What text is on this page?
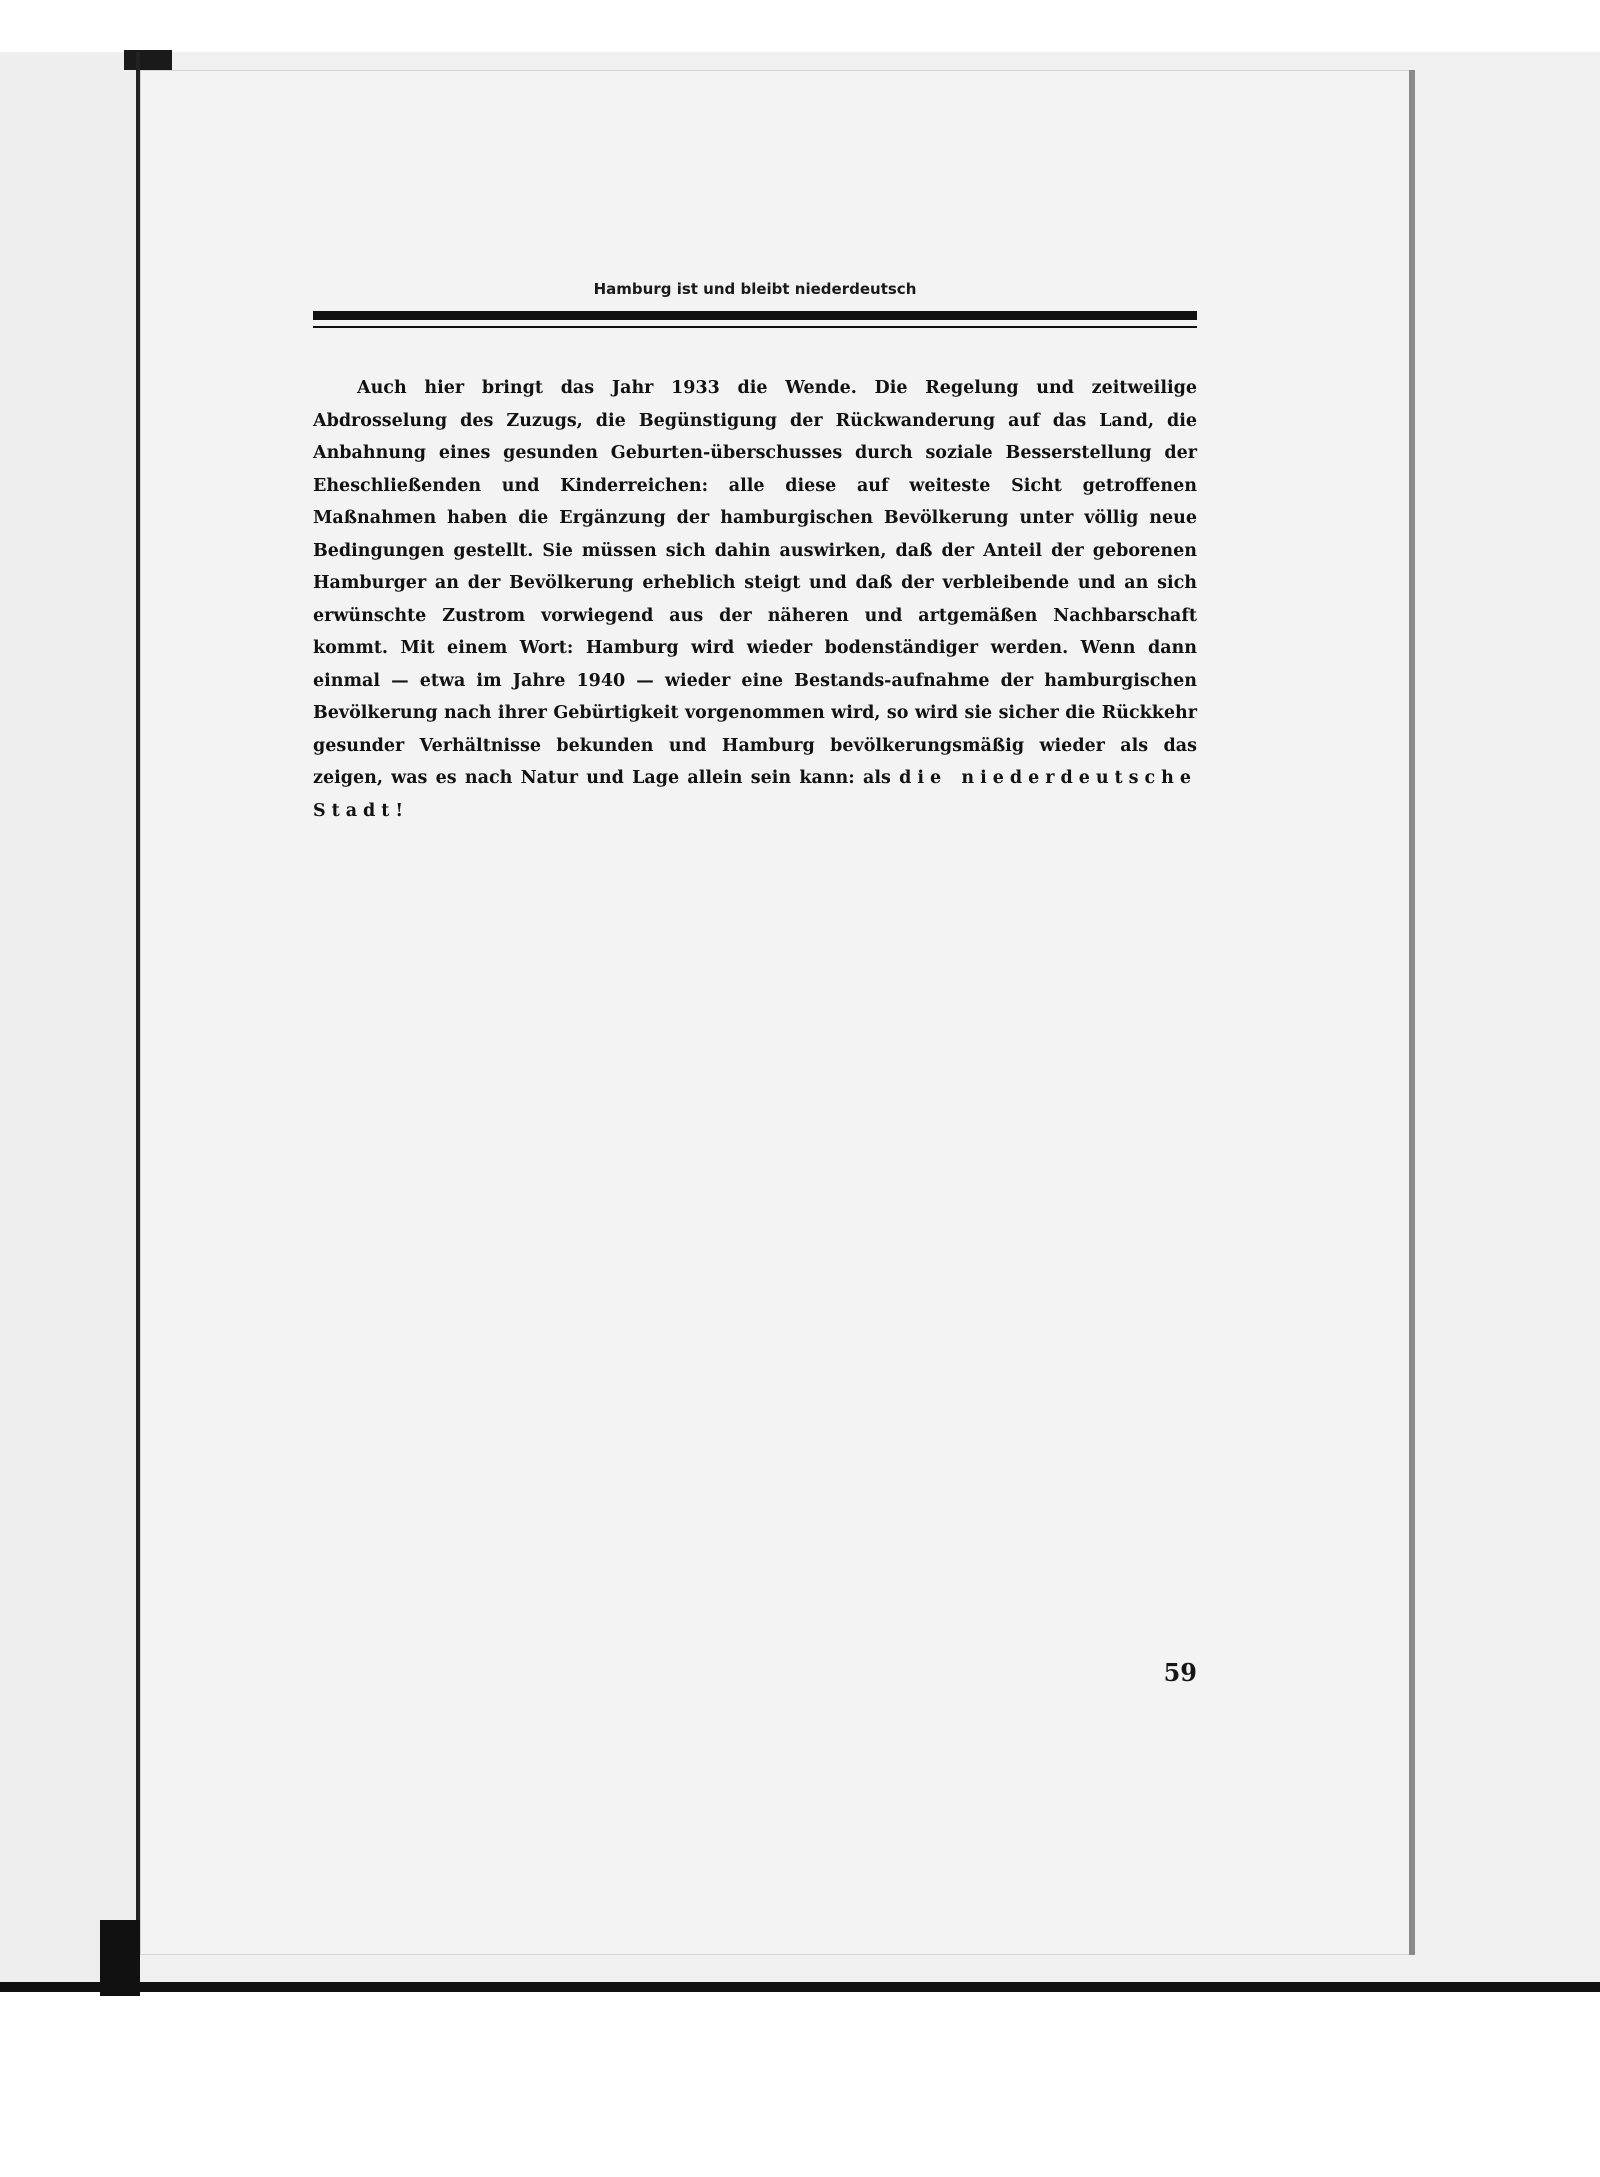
Hamburg ist und bleibt niederdeutsch

Auch hier bringt das Jahr 1933 die Wende. Die Regelung und zeitweilige Abdrosselung des Zuzugs, die Begünstigung der Rückwanderung auf das Land, die Anbahnung eines gesunden Geburten-überschusses durch soziale Besserstellung der Eheschließenden und Kinderreichen: alle diese auf weiteste Sicht getroffenen Maßnahmen haben die Ergänzung der hamburgischen Bevölkerung unter völlig neue Bedingungen gestellt. Sie müssen sich dahin auswirken, daß der Anteil der geborenen Hamburger an der Bevölkerung erheblich steigt und daß der verbleibende und an sich erwünschte Zustrom vorwiegend aus der näheren und artgemäßen Nachbarschaft kommt. Mit einem Wort: Hamburg wird wieder bodenständiger werden. Wenn dann einmal — etwa im Jahre 1940 — wieder eine Bestands-aufnahme der hamburgischen Bevölkerung nach ihrer Gebürtigkeit vorgenommen wird, so wird sie sicher die Rückkehr gesunder Verhältnisse bekunden und Hamburg bevölkerungsmäßig wieder als das zeigen, was es nach Natur und Lage allein sein kann: als die niederdeutsche Stadt!

59
